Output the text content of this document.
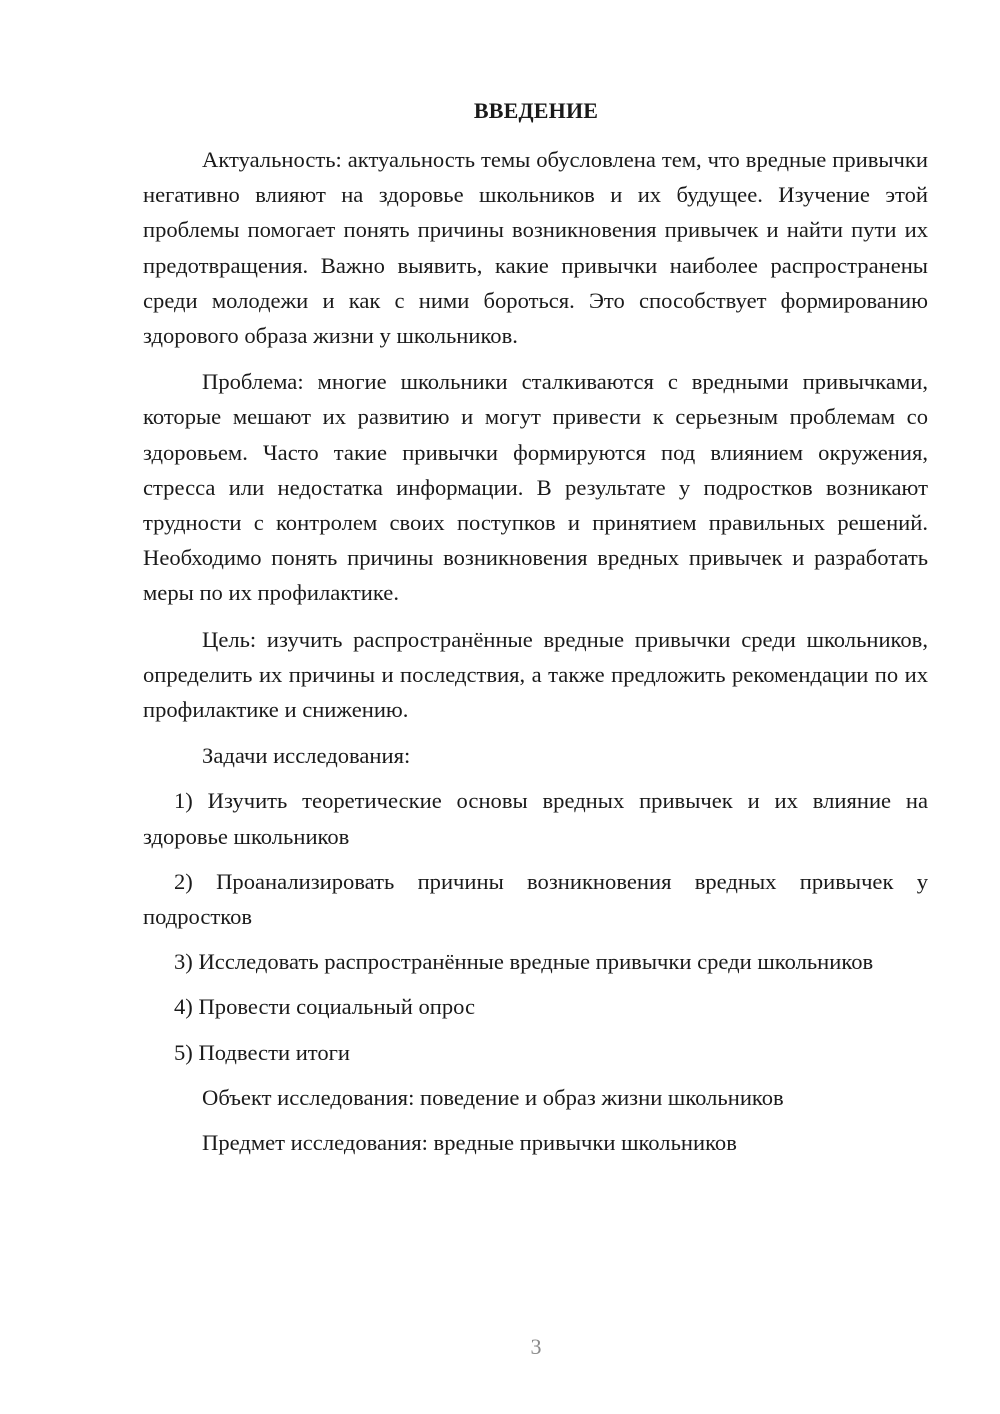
ВВЕДЕНИЕ

Актуальность: актуальность темы обусловлена тем, что вредные привычки негативно влияют на здоровье школьников и их будущее. Изучение этой проблемы помогает понять причины возникновения привычек и найти пути их предотвращения. Важно выявить, какие привычки наиболее распространены среди молодежи и как с ними бороться. Это способствует формированию здорового образа жизни у школьников.

Проблема: многие школьники сталкиваются с вредными привычками, которые мешают их развитию и могут привести к серьезным проблемам со здоровьем. Часто такие привычки формируются под влиянием окружения, стресса или недостатка информации. В результате у подростков возникают трудности с контролем своих поступков и принятием правильных решений. Необходимо понять причины возникновения вредных привычек и разработать меры по их профилактике.

Цель: изучить распространённые вредные привычки среди школьников, определить их причины и последствия, а также предложить рекомендации по их профилактике и снижению.

Задачи исследования:

1) Изучить теоретические основы вредных привычек и их влияние на здоровье школьников

2) Проанализировать причины возникновения вредных привычек у подростков

3) Исследовать распространённые вредные привычки среди школьников

4) Провести социальный опрос

5) Подвести итоги

Объект исследования: поведение и образ жизни школьников

Предмет исследования: вредные привычки школьников

3
